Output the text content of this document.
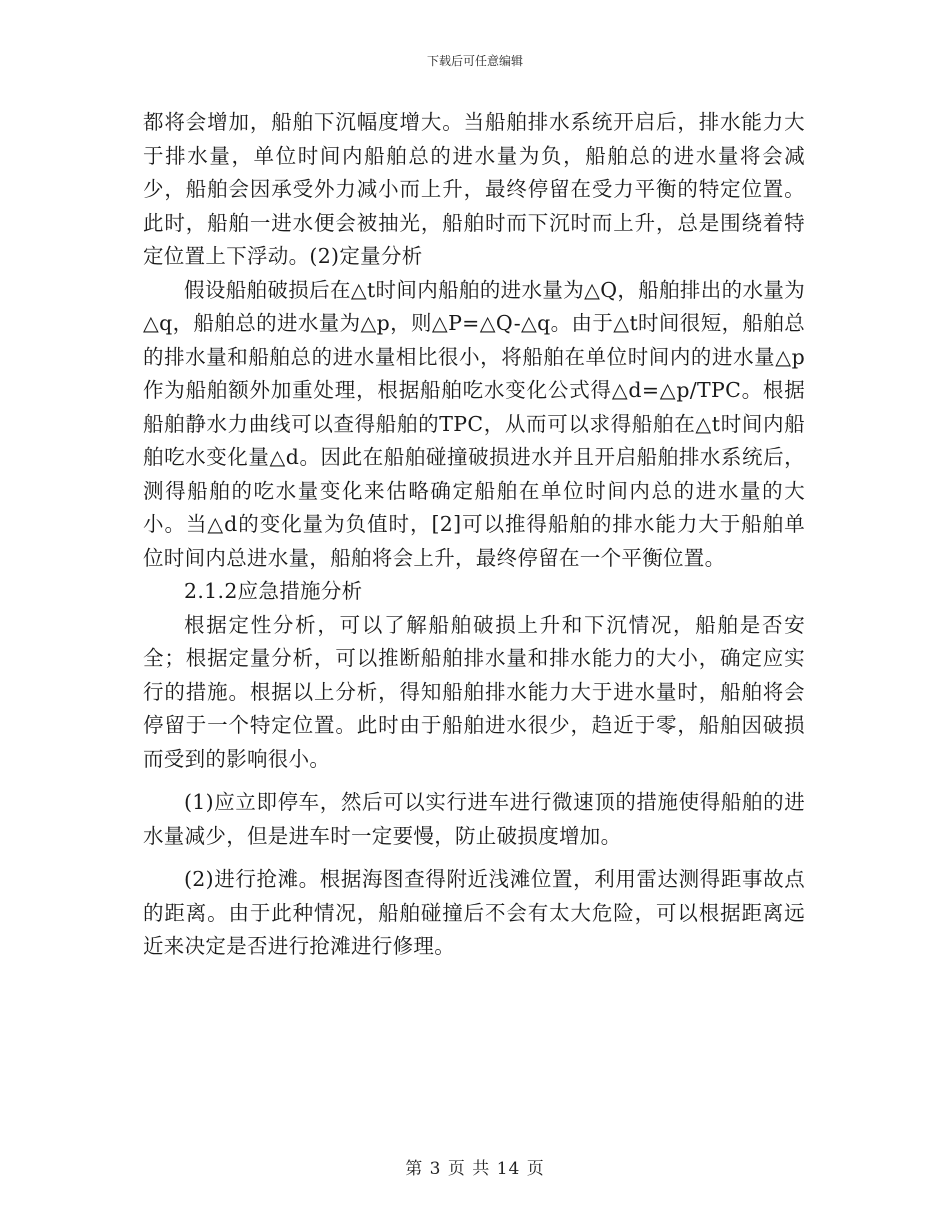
下载后可任意编辑

都将会增加，船舶下沉幅度增大。当船舶排水系统开启后，排水能力大于排水量，单位时间内船舶总的进水量为负，船舶总的进水量将会减少，船舶会因承受外力减小而上升，最终停留在受力平衡的特定位置。此时，船舶一进水便会被抽光，船舶时而下沉时而上升，总是围绕着特定位置上下浮动。(2)定量分析

假设船舶破损后在△t时间内船舶的进水量为△Q，船舶排出的水量为△q，船舶总的进水量为△p，则△P=△Q-△q。由于△t时间很短，船舶总的排水量和船舶总的进水量相比很小，将船舶在单位时间内的进水量△p作为船舶额外加重处理，根据船舶吃水变化公式得△d=△p/TPC。根据船舶静水力曲线可以查得船舶的TPC，从而可以求得船舶在△t时间内船舶吃水变化量△d。因此在船舶碰撞破损进水并且开启船舶排水系统后，测得船舶的吃水量变化来估略确定船舶在单位时间内总的进水量的大小。当△d的变化量为负值时，[2]可以推得船舶的排水能力大于船舶单位时间内总进水量，船舶将会上升，最终停留在一个平衡位置。

2.1.2应急措施分析

根据定性分析，可以了解船舶破损上升和下沉情况，船舶是否安全；根据定量分析，可以推断船舶排水量和排水能力的大小，确定应实行的措施。根据以上分析，得知船舶排水能力大于进水量时，船舶将会停留于一个特定位置。此时由于船舶进水很少，趋近于零，船舶因破损而受到的影响很小。

(1)应立即停车，然后可以实行进车进行微速顶的措施使得船舶的进水量减少，但是进车时一定要慢，防止破损度增加。

(2)进行抢滩。根据海图查得附近浅滩位置，利用雷达测得距事故点的距离。由于此种情况，船舶碰撞后不会有太大危险，可以根据距离远近来决定是否进行抢滩进行修理。

第 3 页 共 14 页
